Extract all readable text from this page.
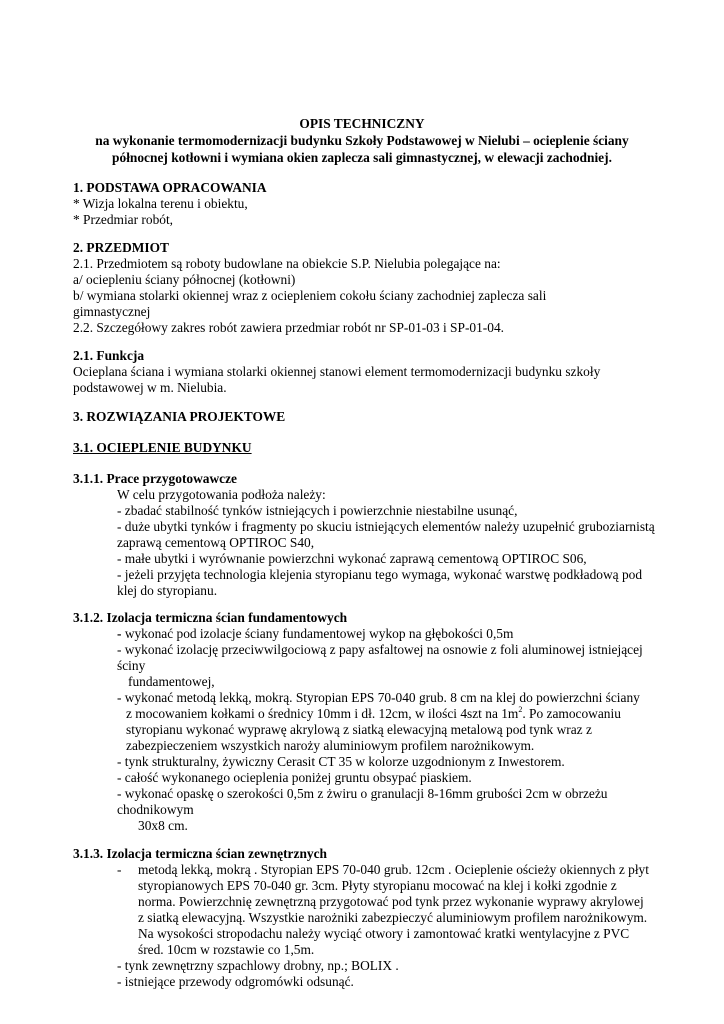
OPIS TECHNICZNY
na wykonanie termomodernizacji budynku Szkoły Podstawowej w Nielubi – ocieplenie ściany
północnej kotłowni i wymiana okien zaplecza sali gimnastycznej, w elewacji zachodniej.
1. PODSTAWA OPRACOWANIA
* Wizja lokalna terenu i obiektu,
* Przedmiar robót,
2. PRZEDMIOT
2.1. Przedmiotem są roboty budowlane na obiekcie S.P. Nielubia polegające na:
a/ ociepleniu ściany północnej (kotłowni)
b/ wymiana stolarki okiennej wraz z ociepleniem cokołu ściany zachodniej zaplecza sali
gimnastycznej
2.2. Szczegółowy zakres robót zawiera przedmiar robót nr SP-01-03 i SP-01-04.
2.1. Funkcja
Ocieplana ściana i wymiana stolarki okiennej stanowi element termomodernizacji budynku szkoły
podstawowej w m. Nielubia.
3. ROZWIĄZANIA PROJEKTOWE
3.1. OCIEPLENIE BUDYNKU
3.1.1. Prace przygotowawcze
W celu przygotowania podłoża należy:
- zbadać stabilność tynków istniejących i powierzchnie niestabilne usunąć,
- duże ubytki tynków i fragmenty po skuciu istniejących elementów należy uzupełnić gruboziarnistą
zaprawą cementową OPTIROC S40,
- małe ubytki i wyrównanie powierzchni wykonać zaprawą cementową OPTIROC S06,
- jeżeli przyjęta technologia klejenia styropianu tego wymaga, wykonać warstwę podkładową pod
klej do styropianu.
3.1.2. Izolacja termiczna ścian fundamentowych
- wykonać pod izolacje ściany fundamentowej wykop na głębokości 0,5m
- wykonać izolację przeciwwilgociową z papy asfaltowej na osnowie z foli aluminowej istniejącej
ściny
fundamentowej,
- wykonać metodą lekką, mokrą. Styropian EPS 70-040 grub. 8 cm na klej do powierzchni ściany
z mocowaniem kołkami o średnicy 10mm i dł. 12cm, w ilości 4szt na $1m^2$. Po zamocowaniu
styropianu wykonać wyprawę akrylową z siatką elewacyjną metalową pod tynk wraz z
zabezpieczeniem wszystkich naroży aluminiowym profilem narożnikowym.
- tynk strukturalny, żywiczny Cerasit CT 35 w kolorze uzgodnionym z Inwestorem.
- całość wykonanego ocieplenia poniżej gruntu obsypać piaskiem.
- wykonać opaskę o szerokości 0,5m z żwiru o granulacji 8-16mm grubości 2cm w obrzeżu
chodnikowym
30x8 cm.
3.1.3. Izolacja termiczna ścian zewnętrznych
- metodą lekką, mokrą . Styropian EPS 70-040 grub. 12cm . Ocieplenie ościeży okiennych z płyt
styropianowych EPS 70-040 gr. 3cm. Płyty styropianu mocować na klej i kołki zgodnie z
norma. Powierzchnię zewnętrzną przygotować pod tynk przez wykonanie wyprawy akrylowej
z siatką elewacyjną. Wszystkie narożniki zabezpieczyć aluminiowym profilem narożnikowym.
Na wysokości stropodachu należy wyciąć otwory i zamontować kratki wentylacyjne z PVC
śred. 10cm w rozstawie co 1,5m.
- tynk zewnętrzny szpachlowy drobny, np.; BOLIX .
- istniejące przewody odgromówki odsunąć.
